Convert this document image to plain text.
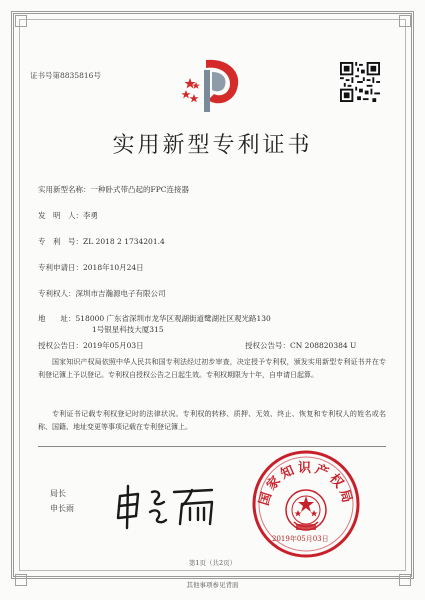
证书号第8835816号
实用新型专利证书
实用新型名称：一种卧式带凸起的FPC连接器
发　明　人：李勇
专　利　号：ZL 2018 2 1734201.4
专利申请日：2018年10月24日
专利权人：深圳市吉瀚源电子有限公司
地　　址：518000 广东省深圳市龙华区观湖街道鹭湖社区观光路130
1号银星科技大厦315
授权公告日：2019年05月03日	授权公告号：CN 208820384 U
国家知识产权局依照中华人民共和国专利法经过初步审查，决定授予专利权，颁发实用新型专利证书并在专利登记簿上予以登记。专利权自授权公告之日起生效。专利权期限为十年，自申请日起算。
专利证书记载专利权登记时的法律状况。专利权的转移、质押、无效、终止、恢复和专利权人的姓名或名称、国籍、地址变更等事项记载在专利登记簿上。
局长
申长雨
国家知识产权局
2019年05月03日
第1页（共2页）
其他事项参见背面
